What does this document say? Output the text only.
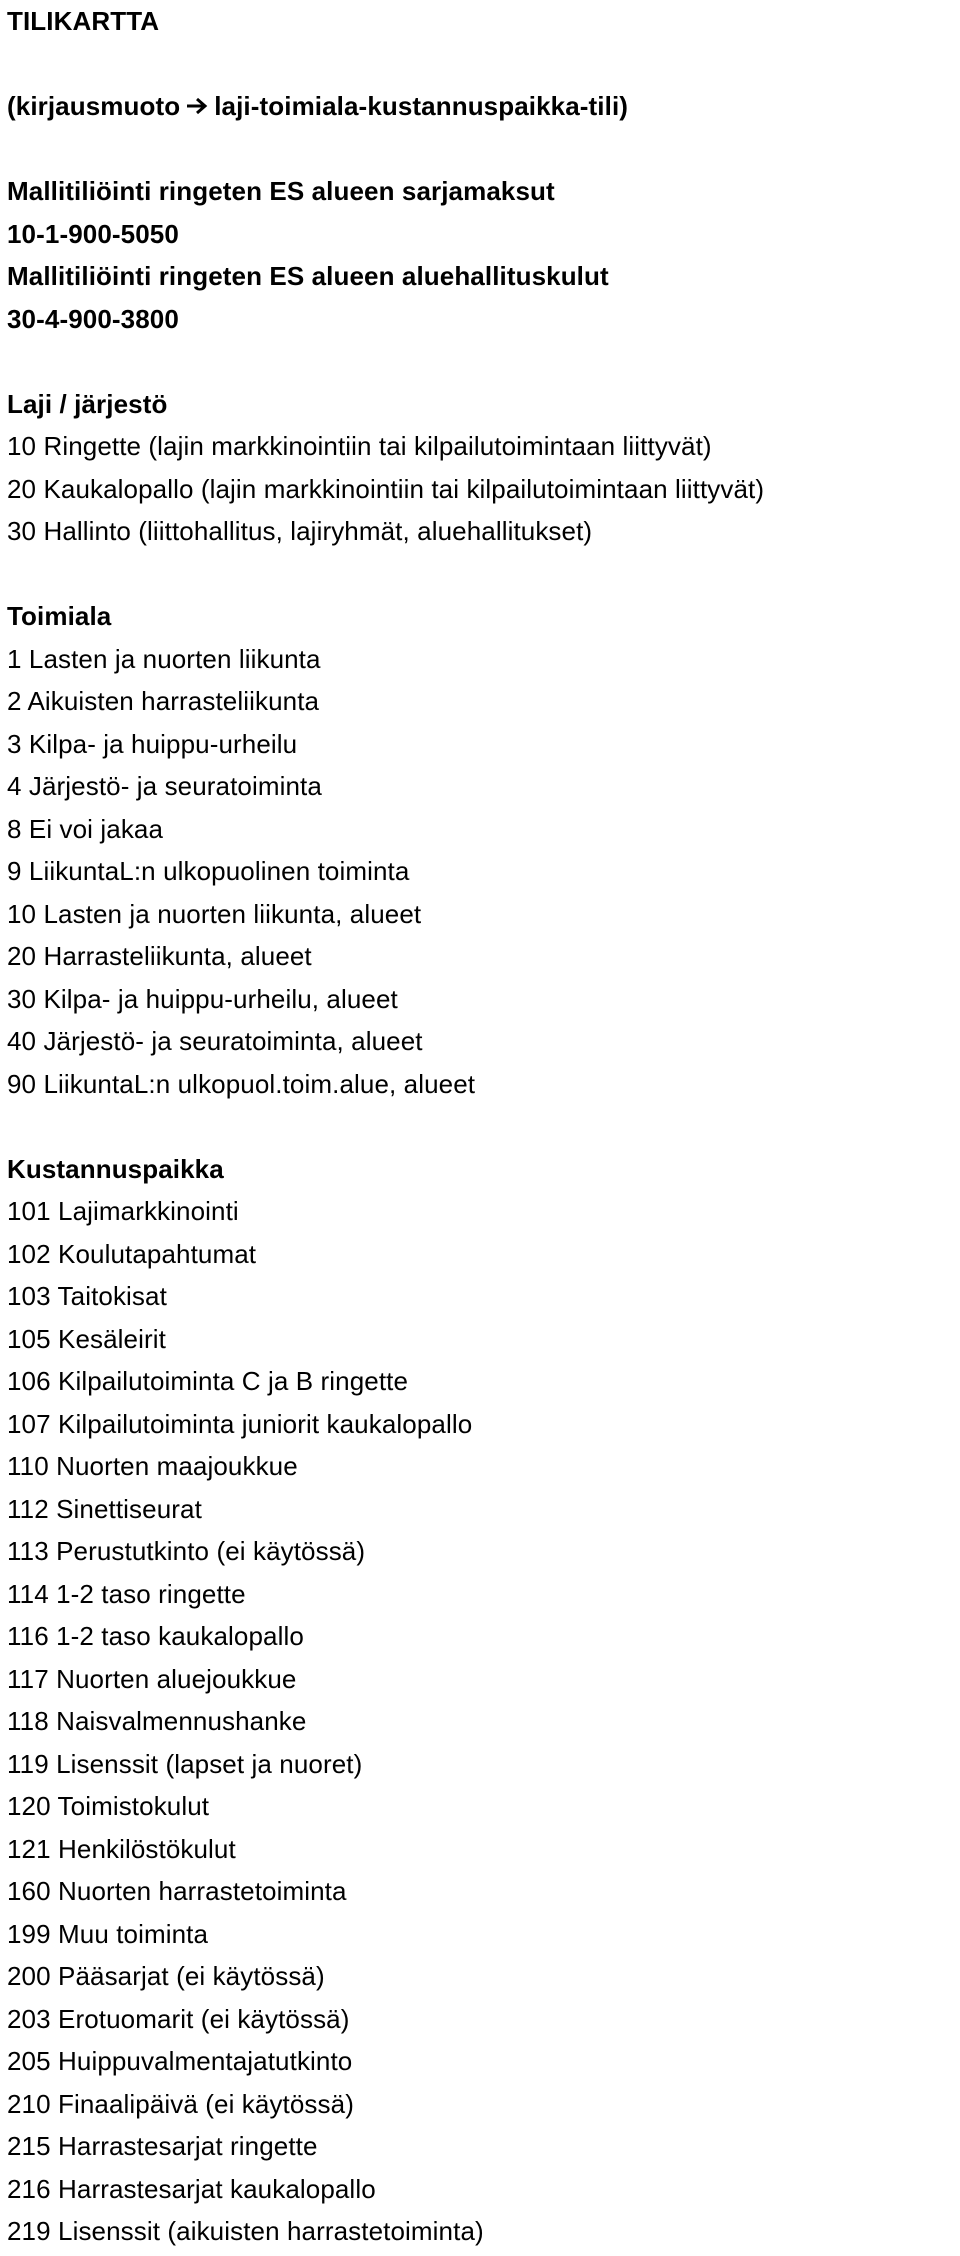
TILIKARTTA
(kirjausmuoto laji-toimiala-kustannuspaikka-tili)
Mallitiliöinti ringeten ES alueen sarjamaksut
10-1-900-5050
Mallitiliöinti ringeten ES alueen aluehallituskulut
30-4-900-3800
Laji / järjestö
10 Ringette (lajin markkinointiin tai kilpailutoimintaan liittyvät)
20 Kaukalopallo (lajin markkinointiin tai kilpailutoimintaan liittyvät)
30 Hallinto (liittohallitus, lajiryhmät, aluehallitukset)
Toimiala
1 Lasten ja nuorten liikunta
2 Aikuisten harrasteliikunta
3 Kilpa- ja huippu-urheilu
4 Järjestö- ja seuratoiminta
8 Ei voi jakaa
9 LiikuntaL:n ulkopuolinen toiminta
10 Lasten ja nuorten liikunta, alueet
20 Harrasteliikunta, alueet
30 Kilpa- ja huippu-urheilu, alueet
40 Järjestö- ja seuratoiminta, alueet
90 LiikuntaL:n ulkopuol.toim.alue, alueet
Kustannuspaikka
101 Lajimarkkinointi
102 Koulutapahtumat
103 Taitokisat
105 Kesäleirit
106 Kilpailutoiminta C ja B ringette
107 Kilpailutoiminta juniorit kaukalopallo
110 Nuorten maajoukkue
112 Sinettiseurat
113 Perustutkinto (ei käytössä)
114 1-2 taso ringette
116 1-2 taso kaukalopallo
117 Nuorten aluejoukkue
118 Naisvalmennushanke
119 Lisenssit (lapset ja nuoret)
120 Toimistokulut
121 Henkilöstökulut
160 Nuorten harrastetoiminta
199 Muu toiminta
200 Pääsarjat (ei käytössä)
203 Erotuomarit (ei käytössä)
205 Huippuvalmentajatutkinto
210 Finaalipäivä (ei käytössä)
215 Harrastesarjat ringette
216 Harrastesarjat kaukalopallo
219 Lisenssit (aikuisten harrastetoiminta)
